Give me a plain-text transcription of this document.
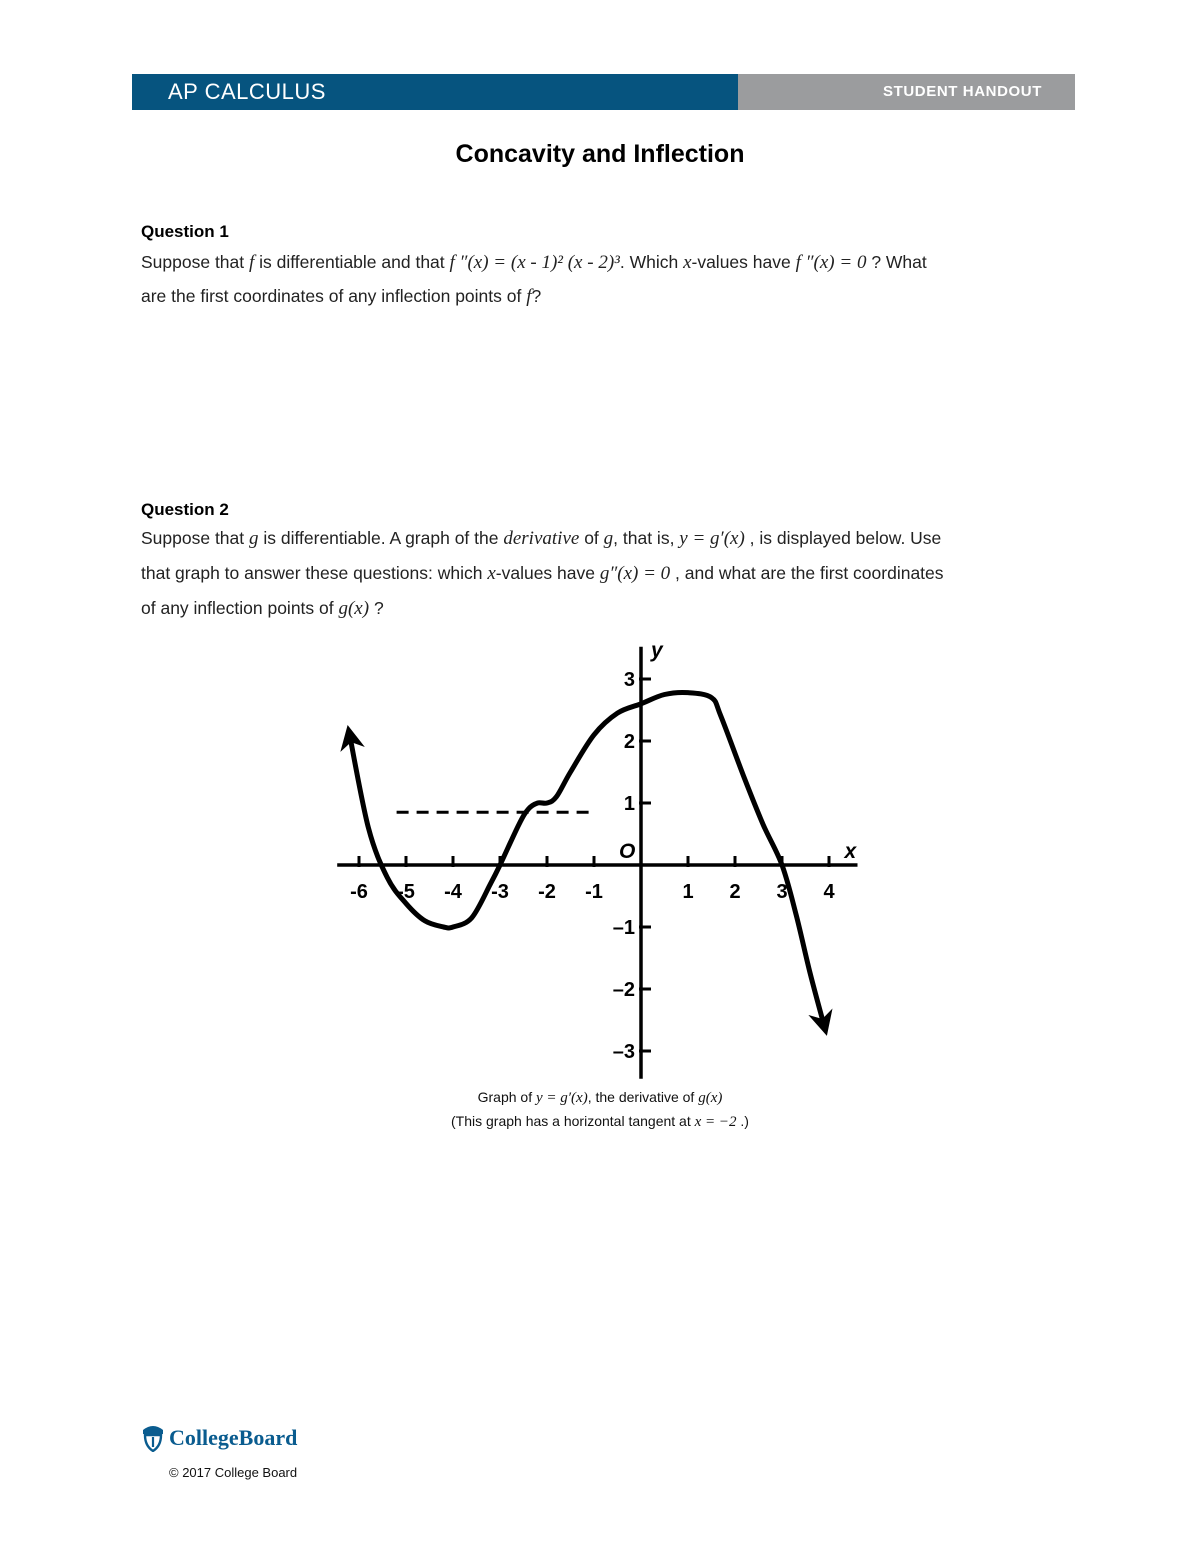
AP CALCULUS	STUDENT HANDOUT
Concavity and Inflection
Question 1
Suppose that f is differentiable and that f ″(x) = (x - 1)² (x - 2)³. Which x-values have f ″(x) = 0 ? What
are the first coordinates of any inflection points of f?
Question 2
Suppose that g is differentiable. A graph of the derivative of g, that is, y = g′(x) , is displayed below. Use
that graph to answer these questions: which x-values have g″(x) = 0 , and what are the first coordinates
of any inflection points of g(x) ?
-6 -5 -4 -3 -2 -1	1 2 3 4
3
2
1
–1
–2
–3
x
y
O
Graph of y = g′(x), the derivative of g(x)
(This graph has a horizontal tangent at x = −2 .)
CollegeBoard
© 2017 College Board
